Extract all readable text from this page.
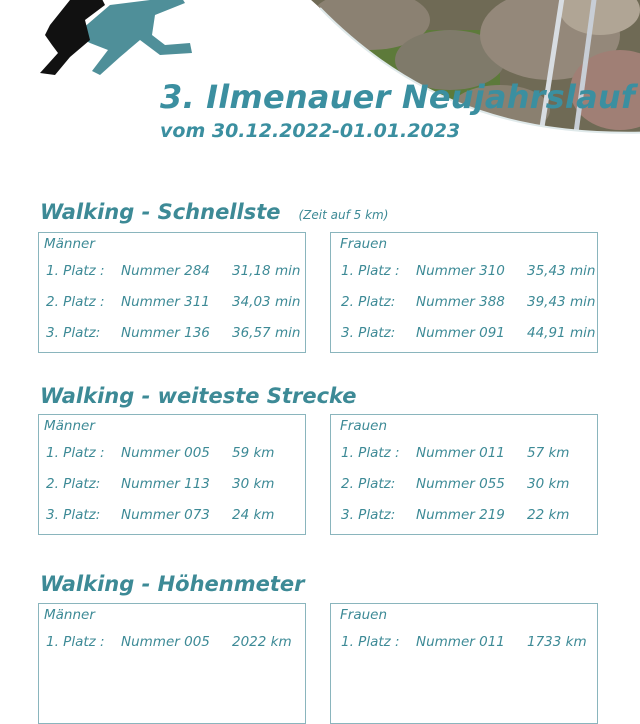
3. Ilmenauer Neujahrslauf
vom 30.12.2022-01.01.2023
Walking - Schnellste (Zeit auf 5 km)
Männer
1. Platz : Nummer 284 31,18 min
2. Platz : Nummer 311 34,03 min
3. Platz: Nummer 136 36,57 min
Frauen
1. Platz : Nummer 310 35,43 min
2. Platz: Nummer 388 39,43 min
3. Platz: Nummer 091 44,91 min
Walking - weiteste Strecke
Männer
1. Platz : Nummer 005 59 km
2. Platz: Nummer 113 30 km
3. Platz: Nummer 073 24 km
Frauen
1. Platz : Nummer 011 57 km
2. Platz: Nummer 055 30 km
3. Platz: Nummer 219 22 km
Walking - Höhenmeter
Männer
1. Platz : Nummer 005 2022 km
Frauen
1. Platz : Nummer 011 1733 km
